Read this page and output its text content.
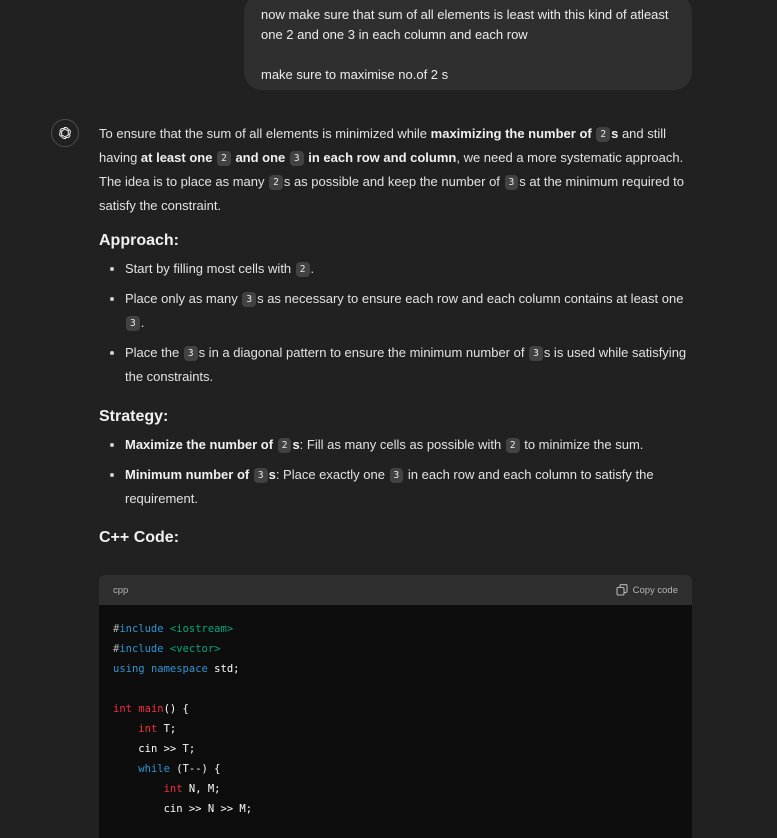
now make sure that sum of all elements is least with this kind of atleast one 2 and one 3 in each column and each row

make sure to maximise no.of 2 s

To ensure that the sum of all elements is minimized while maximizing the number of 2 s and still having at least one 2 and one 3 in each row and column, we need a more systematic approach. The idea is to place as many 2 s as possible and keep the number of 3 s at the minimum required to satisfy the constraint.

Approach:
• Start by filling most cells with 2 .
• Place only as many 3 s as necessary to ensure each row and each column contains at least one 3 .
• Place the 3 s in a diagonal pattern to ensure the minimum number of 3 s is used while satisfying the constraints.
Strategy:
• Maximize the number of 2 s: Fill as many cells as possible with 2 to minimize the sum.
• Minimum number of 3 s: Place exactly one 3 in each row and each column to satisfy the requirement.
C++ Code:
cpp	Copy code
#include <iostream>
#include <vector>
using namespace std;

int main() {
int T;
cin >> T;
while (T--) {
int N, M;
cin >> N >> M;
